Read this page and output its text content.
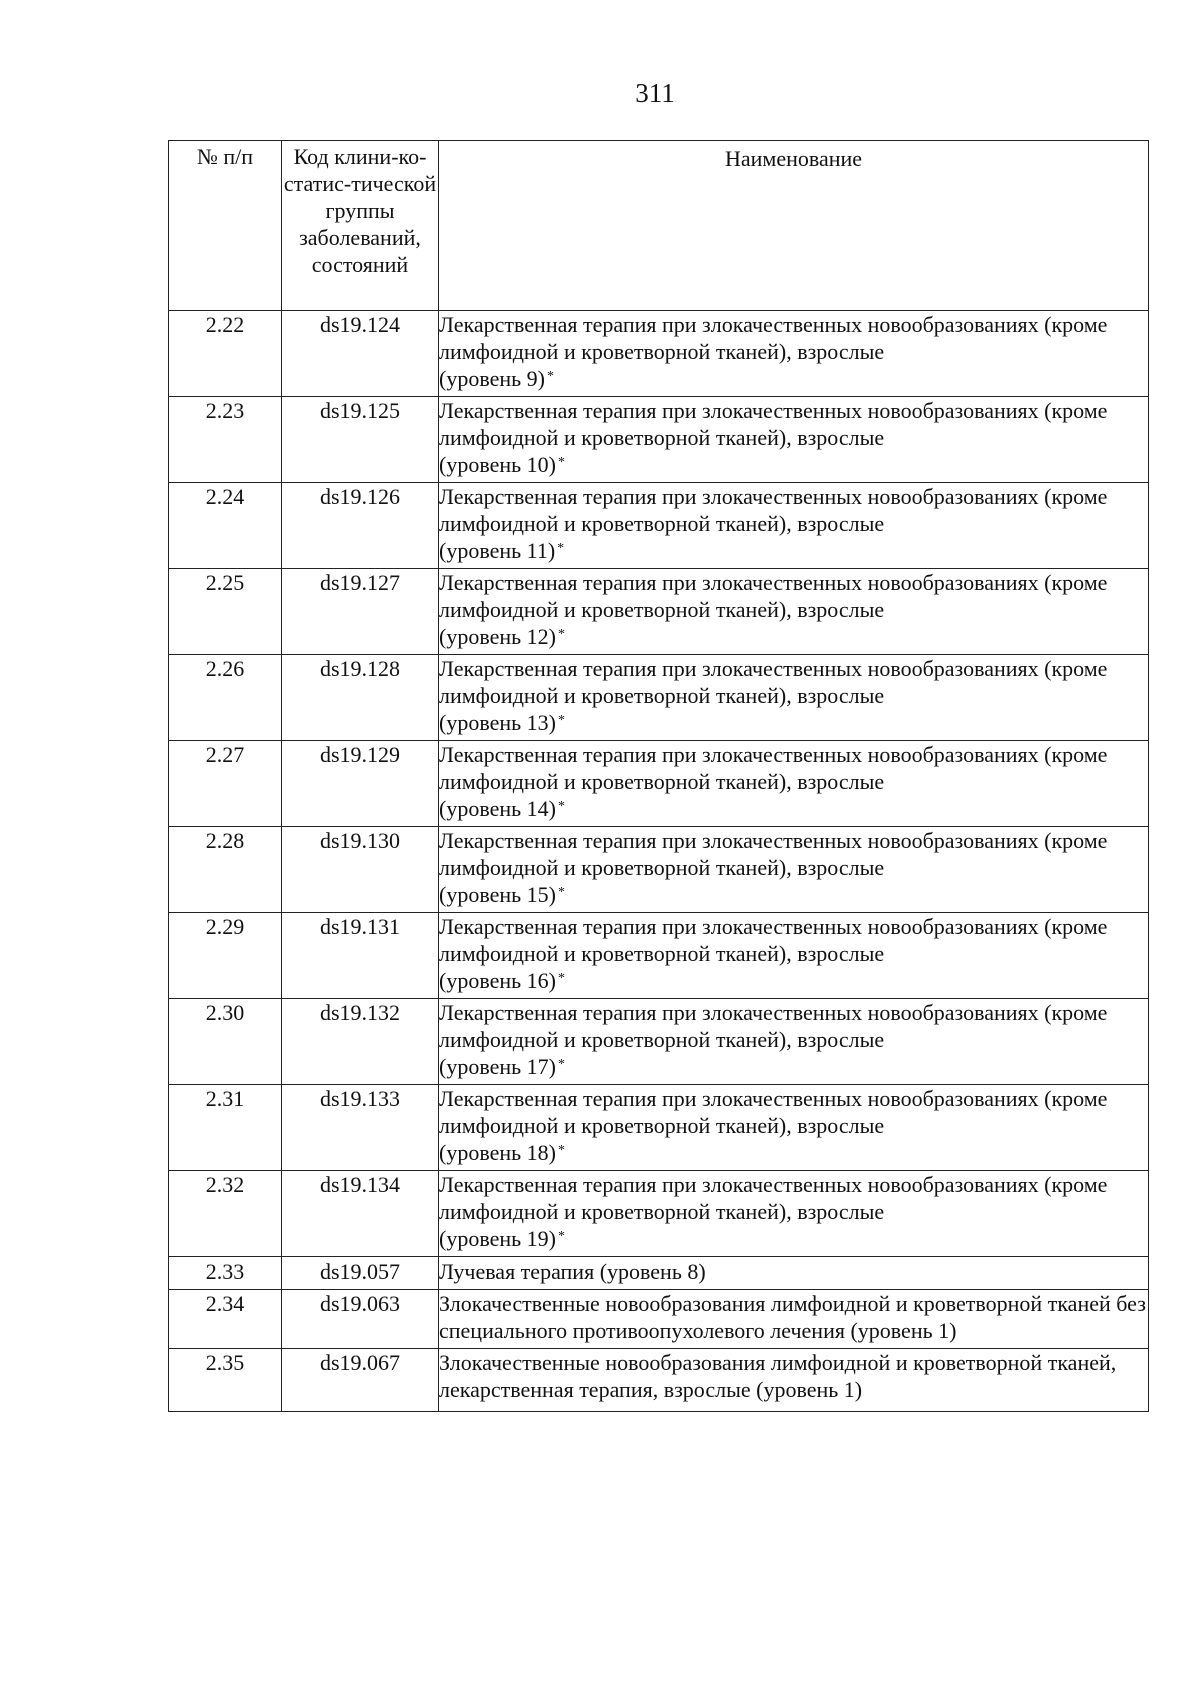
311
№ п/п	Код клини-ко-статис-тической группы заболеваний, состояний	Наименование
2.22	ds19.124	Лекарственная терапия при злокачественных новообразованиях (кроме лимфоидной и кроветворной тканей), взрослые
(уровень 9) *
2.23	ds19.125	Лекарственная терапия при злокачественных новообразованиях (кроме лимфоидной и кроветворной тканей), взрослые
(уровень 10) *
2.24	ds19.126	Лекарственная терапия при злокачественных новообразованиях (кроме лимфоидной и кроветворной тканей), взрослые
(уровень 11) *
2.25	ds19.127	Лекарственная терапия при злокачественных новообразованиях (кроме лимфоидной и кроветворной тканей), взрослые
(уровень 12) *
2.26	ds19.128	Лекарственная терапия при злокачественных новообразованиях (кроме лимфоидной и кроветворной тканей), взрослые
(уровень 13) *
2.27	ds19.129	Лекарственная терапия при злокачественных новообразованиях (кроме лимфоидной и кроветворной тканей), взрослые
(уровень 14) *
2.28	ds19.130	Лекарственная терапия при злокачественных новообразованиях (кроме лимфоидной и кроветворной тканей), взрослые
(уровень 15) *
2.29	ds19.131	Лекарственная терапия при злокачественных новообразованиях (кроме лимфоидной и кроветворной тканей), взрослые
(уровень 16) *
2.30	ds19.132	Лекарственная терапия при злокачественных новообразованиях (кроме лимфоидной и кроветворной тканей), взрослые
(уровень 17) *
2.31	ds19.133	Лекарственная терапия при злокачественных новообразованиях (кроме лимфоидной и кроветворной тканей), взрослые
(уровень 18) *
2.32	ds19.134	Лекарственная терапия при злокачественных новообразованиях (кроме лимфоидной и кроветворной тканей), взрослые
(уровень 19) *
2.33	ds19.057	Лучевая терапия (уровень 8)
2.34	ds19.063	Злокачественные новообразования лимфоидной и кроветворной тканей без специального противоопухолевого лечения (уровень 1)
2.35	ds19.067	Злокачественные новообразования лимфоидной и кроветворной тканей, лекарственная терапия, взрослые (уровень 1)
